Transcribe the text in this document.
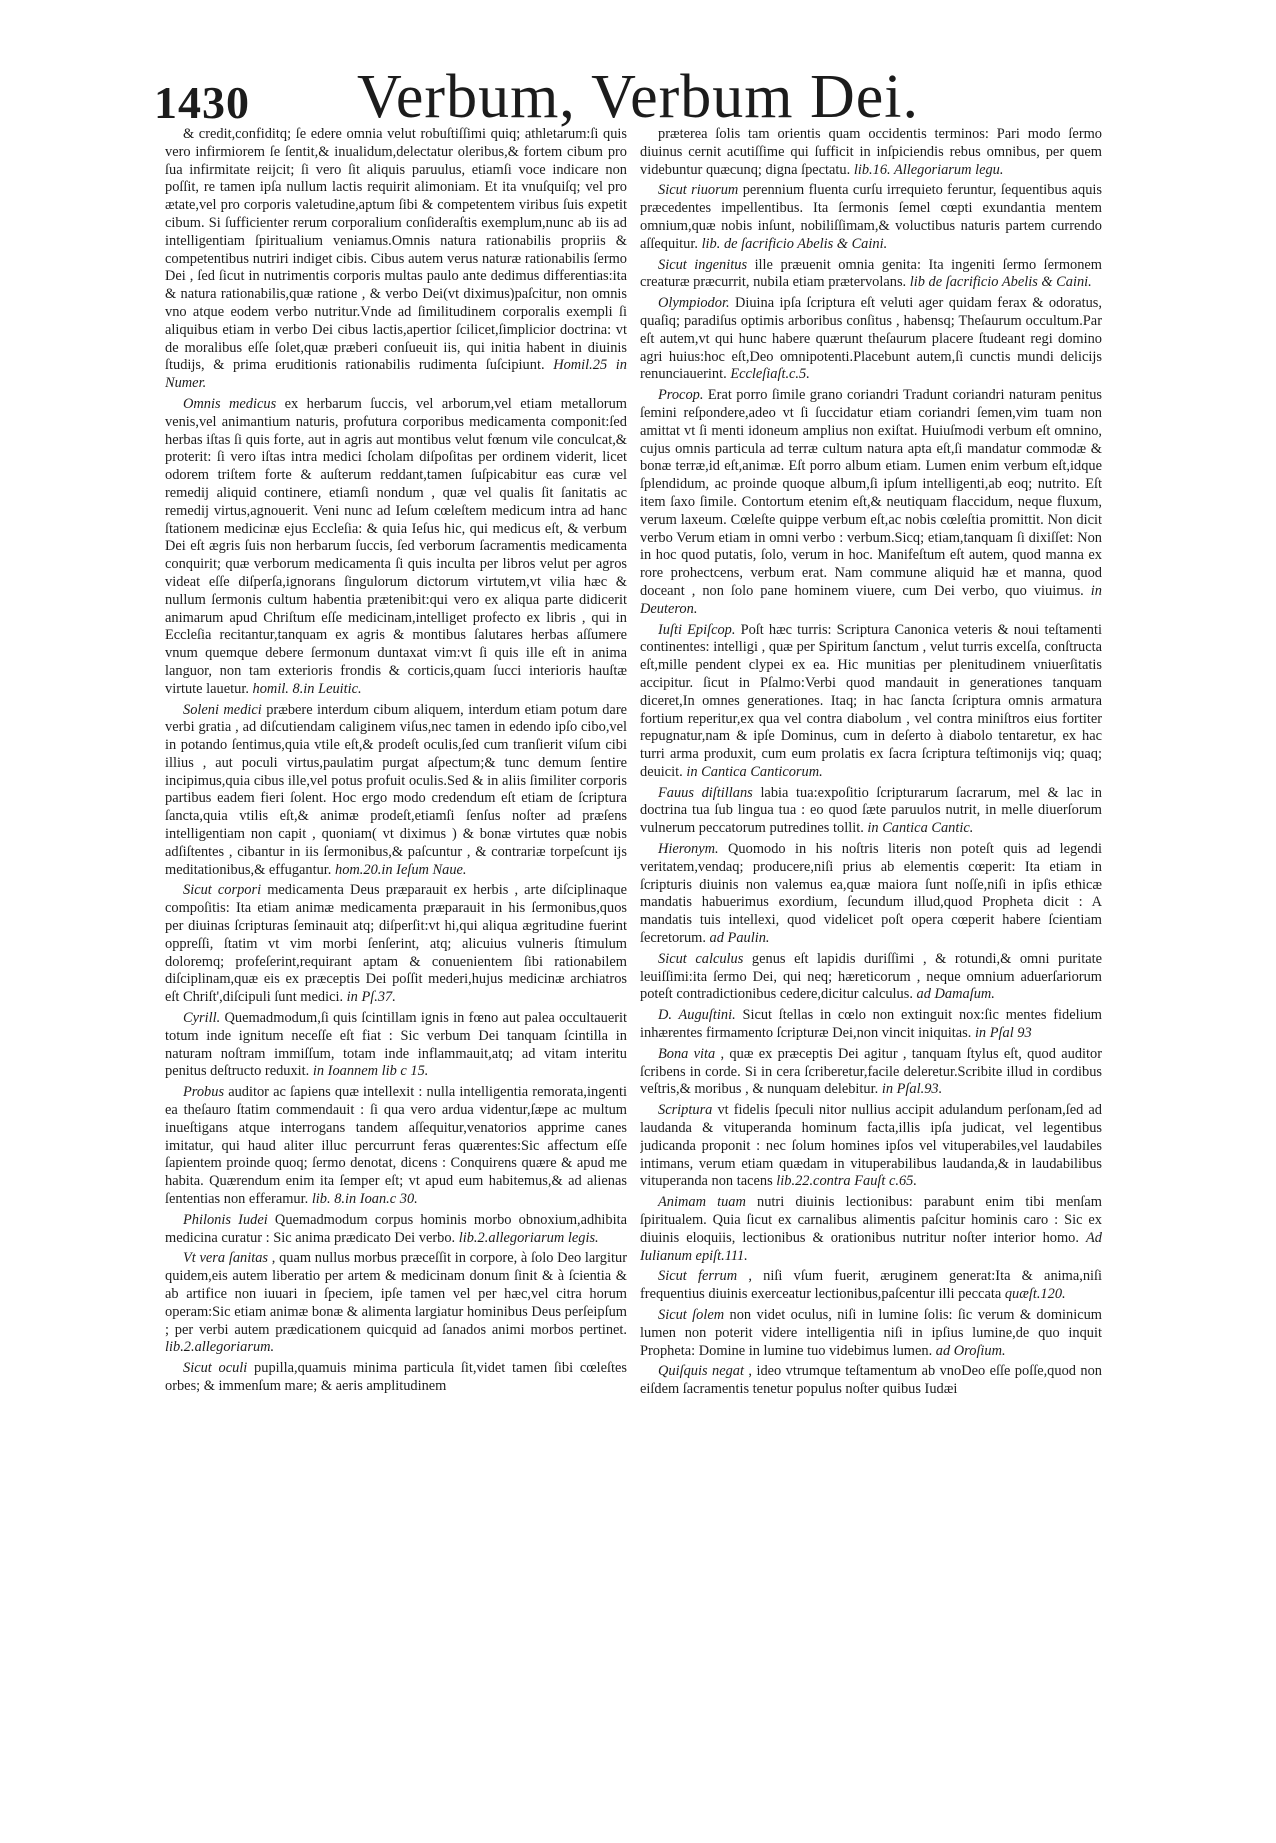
1430	Verbum, Verbum Dei.

& credit,confiditq; ſe edere omnia velut robuſtiſſimi quiq; athletarum:ſi quis vero infirmiorem ſe ſentit,& inualidum,delectatur oleribus,& fortem cibum pro ſua infirmitate reijcit; ſi vero ſit aliquis paruulus, etiamſi voce indicare non poſſit, re tamen ipſa nullum lactis requirit alimoniam. Et ita vnuſquiſq; vel pro ætate,vel pro corporis valetudine,aptum ſibi & competentem viribus ſuis expetit cibum. Si ſufficienter rerum corporalium conſideraſtis exemplum,nunc ab iis ad intelligentiam ſpiritualium veniamus.Omnis natura rationabilis propriis & competentibus nutriri indiget cibis. Cibus autem verus naturæ rationabilis ſermo Dei , ſed ſicut in nutrimentis corporis multas paulo ante dedimus differentias:ita & natura rationabilis,quæ ratione , & verbo Dei(vt diximus)paſcitur, non omnis vno atque eodem verbo nutritur.Vnde ad ſimilitudinem corporalis exempli ſi aliquibus etiam in verbo Dei cibus lactis,apertior ſcilicet,ſimplicior doctrina: vt de moralibus eſſe ſolet,quæ præberi conſueuit iis, qui initia habent in diuinis ſtudijs, & prima eruditionis rationabilis rudimenta ſuſcipiunt. Homil.25 in Numer.

Omnis medicus ex herbarum ſuccis, vel arborum,vel etiam metallorum venis,vel animantium naturis, profutura corporibus medicamenta componit:ſed herbas iſtas ſi quis forte, aut in agris aut montibus velut fœnum vile conculcat,& proterit: ſi vero iſtas intra medici ſcholam diſpoſitas per ordinem viderit, licet odorem triſtem forte & auſterum reddant,tamen ſuſpicabitur eas curæ vel remedij aliquid continere, etiamſi nondum , quæ vel qualis ſit ſanitatis ac remedij virtus,agnouerit. Veni nunc ad Ieſum cœleſtem medicum intra ad hanc ſtationem medicinæ ejus Eccleſia: & quia Ieſus hic, qui medicus eſt, & verbum Dei eſt ægris ſuis non herbarum ſuccis, ſed verborum ſacramentis medicamenta conquirit; quæ verborum medicamenta ſi quis inculta per libros velut per agros videat eſſe diſperſa,ignorans ſingulorum dictorum virtutem,vt vilia hæc & nullum ſermonis cultum habentia prætenibit:qui vero ex aliqua parte didicerit animarum apud Chriſtum eſſe medicinam,intelliget profecto ex libris , qui in Eccleſia recitantur,tanquam ex agris & montibus ſalutares herbas aſſumere vnum quemque debere ſermonum duntaxat vim:vt ſi quis ille eſt in anima languor, non tam exterioris frondis & corticis,quam ſucci interioris hauſtæ virtute lauetur. homil. 8.in Leuitic.

Soleni medici præbere interdum cibum aliquem, interdum etiam potum dare verbi gratia , ad diſcutiendam caliginem viſus,nec tamen in edendo ipſo cibo,vel in potando ſentimus,quia vtile eſt,& prodeſt oculis,ſed cum tranſierit viſum cibi illius , aut poculi virtus,paulatim purgat aſpectum;& tunc demum ſentire incipimus,quia cibus ille,vel potus profuit oculis.Sed & in aliis ſimiliter corporis partibus eadem fieri ſolent. Hoc ergo modo credendum eſt etiam de ſcriptura ſancta,quia vtilis eſt,& animæ prodeſt,etiamſi ſenſus noſter ad præſens intelligentiam non capit , quoniam( vt diximus ) & bonæ virtutes quæ nobis adſiſtentes , cibantur in iis ſermonibus,& paſcuntur , & contrariæ torpeſcunt ijs meditationibus,& effugantur. hom.20.in Ieſum Naue.

Sicut corpori medicamenta Deus præparauit ex herbis , arte diſciplinaque compoſitis: Ita etiam animæ medicamenta præparauit in his ſermonibus,quos per diuinas ſcripturas ſeminauit atq; diſperſit:vt hi,qui aliqua ægritudine fuerint oppreſſi, ſtatim vt vim morbi ſenſerint, atq; alicuius vulneris ſtimulum doloremq; profeſerint,requirant aptam & conuenientem ſibi rationabilem diſciplinam,quæ eis ex præceptis Dei poſſit mederi,hujus medicinæ archiatros eſt Chriſt',diſcipuli ſunt medici. in Pſ.37.

Cyrill. Quemadmodum,ſi quis ſcintillam ignis in fœno aut palea occultauerit totum inde ignitum neceſſe eſt fiat : Sic verbum Dei tanquam ſcintilla in naturam noſtram immiſſum, totam inde inflammauit,atq; ad vitam interitu penitus deſtructo reduxit. in Ioannem lib c 15.

Probus auditor ac ſapiens quæ intellexit : nulla intelligentia remorata,ingenti ea theſauro ſtatim commendauit : ſi qua vero ardua videntur,ſæpe ac multum inueſtigans atque interrogans tandem aſſequitur,venatorios apprime canes imitatur, qui haud aliter illuc percurrunt feras quærentes:Sic affectum eſſe ſapientem proinde quoq; ſermo denotat, dicens : Conquirens quære & apud me habita. Quærendum enim ita ſemper eſt; vt apud eum habitemus,& ad alienas ſententias non efferamur. lib. 8.in Ioan.c 30.

Philonis Iudei Quemadmodum corpus hominis morbo obnoxium,adhibita medicina curatur : Sic anima prædicato Dei verbo. lib.2.allegoriarum legis.

Vt vera ſanitas , quam nullus morbus præceſſit in corpore, à ſolo Deo largitur quidem,eis autem liberatio per artem & medicinam donum ſinit & à ſcientia & ab artifice non iuuari in ſpeciem, ipſe tamen vel per hæc,vel citra horum operam:Sic etiam animæ bonæ & alimenta largiatur hominibus Deus perſeipſum ; per verbi autem prædicationem quicquid ad ſanados animi morbos pertinet. lib.2.allegoriarum.

Sicut oculi pupilla,quamuis minima particula ſit,videt tamen ſibi cœleſtes orbes; & immenſum mare; & aeris amplitudinem

præterea ſolis tam orientis quam occidentis terminos: Pari modo ſermo diuinus cernit acutiſſime qui ſufficit in inſpiciendis rebus omnibus, per quem videbuntur quæcunq; digna ſpectatu. lib.16. Allegoriarum legu.

Sicut riuorum perennium fluenta curſu irrequieto feruntur, ſequentibus aquis præcedentes impellentibus. Ita ſermonis ſemel cœpti exundantia mentem omnium,quæ nobis inſunt, nobiliſſimam,& voluctibus naturis partem currendo aſſequitur. lib. de ſacrificio Abelis & Caini.

Sicut ingenitus ille præuenit omnia genita: Ita ingeniti ſermo ſermonem creaturæ præcurrit, nubila etiam prætervolans. lib de ſacrificio Abelis & Caini.

Olympiodor. Diuina ipſa ſcriptura eſt veluti ager quidam ferax & odoratus, quaſiq; paradiſus optimis arboribus conſitus , habensq; Theſaurum occultum.Par eſt autem,vt qui hunc habere quærunt theſaurum placere ſtudeant regi domino agri huius:hoc eſt,Deo omnipotenti.Placebunt autem,ſi cunctis mundi delicijs renunciauerint. Eccleſiaſt.c.5.

Procop. Erat porro ſimile grano coriandri Tradunt coriandri naturam penitus ſemini reſpondere,adeo vt ſi ſuccidatur etiam coriandri ſemen,vim tuam non amittat vt ſi menti idoneum amplius non exiſtat. Huiuſmodi verbum eſt omnino, cujus omnis particula ad terræ cultum natura apta eſt,ſi mandatur commodæ & bonæ terræ,id eſt,animæ. Eſt porro album etiam. Lumen enim verbum eſt,idque ſplendidum, ac proinde quoque album,ſi ipſum intelligenti,ab eoq; nutrito. Eſt item ſaxo ſimile. Contortum etenim eſt,& neutiquam flaccidum, neque fluxum, verum laxeum. Cœleſte quippe verbum eſt,ac nobis cœleſtia promittit. Non dicit verbo Verum etiam in omni verbo : verbum.Sicq; etiam,tanquam ſi dixiſſet: Non in hoc quod putatis, ſolo, verum in hoc. Manifeſtum eſt autem, quod manna ex rore prohectcens, verbum erat. Nam commune aliquid hæ et manna, quod doceant , non ſolo pane hominem viuere, cum Dei verbo, quo viuimus. in Deuteron.

Iuſti Epiſcop. Poſt hæc turris: Scriptura Canonica veteris & noui teſtamenti continentes: intelligi , quæ per Spiritum ſanctum , velut turris excelſa, conſtructa eſt,mille pendent clypei ex ea. Hic munitias per plenitudinem vniuerſitatis accipitur. ſicut in Pſalmo:Verbi quod mandauit in generationes tanquam diceret,In omnes generationes. Itaq; in hac ſancta ſcriptura omnis armatura fortium reperitur,ex qua vel contra diabolum , vel contra miniſtros eius fortiter repugnatur,nam & ipſe Dominus, cum in deſerto à diabolo tentaretur, ex hac turri arma produxit, cum eum prolatis ex ſacra ſcriptura teſtimonijs viq; quaq; deuicit. in Cantica Canticorum.

Fauus diſtillans labia tua:expoſitio ſcripturarum ſacrarum, mel & lac in doctrina tua ſub lingua tua : eo quod ſæte paruulos nutrit, in melle diuerſorum vulnerum peccatorum putredines tollit. in Cantica Cantic.

Hieronym. Quomodo in his noſtris literis non poteſt quis ad legendi veritatem,vendaq; producere,niſi prius ab elementis cœperit: Ita etiam in ſcripturis diuinis non valemus ea,quæ maiora ſunt noſſe,niſi in ipſis ethicæ mandatis habuerimus exordium, ſecundum illud,quod Propheta dicit : A mandatis tuis intellexi, quod videlicet poſt opera cœperit habere ſcientiam ſecretorum. ad Paulin.

Sicut calculus genus eſt lapidis duriſſimi , & rotundi,& omni puritate leuiſſimi:ita ſermo Dei, qui neq; hæreticorum , neque omnium aduerſariorum poteſt contradictionibus cedere,dicitur calculus. ad Damaſum.

D. Auguſtini. Sicut ſtellas in cœlo non extinguit nox:ſic mentes fidelium inhærentes firmamento ſcripturæ Dei,non vincit iniquitas. in Pſal 93

Bona vita , quæ ex præceptis Dei agitur , tanquam ſtylus eſt, quod auditor ſcribens in corde. Si in cera ſcriberetur,facile deleretur.Scribite illud in cordibus veſtris,& moribus , & nunquam delebitur. in Pſal.93.

Scriptura vt fidelis ſpeculi nitor nullius accipit adulandum perſonam,ſed ad laudanda & vituperanda hominum facta,illis ipſa judicat, vel legentibus judicanda proponit : nec ſolum homines ipſos vel vituperabiles,vel laudabiles intimans, verum etiam quædam in vituperabilibus laudanda,& in laudabilibus vituperanda non tacens lib.22.contra Fauſt c.65.

Animam tuam nutri diuinis lectionibus: parabunt enim tibi menſam ſpiritualem. Quia ſicut ex carnalibus alimentis paſcitur hominis caro : Sic ex diuinis eloquiis, lectionibus & orationibus nutritur noſter interior homo. Ad Iulianum epiſt.111.

Sicut ferrum , niſi vſum fuerit, æruginem generat:Ita & anima,niſi frequentius diuinis exerceatur lectionibus,paſcentur illi peccata quæſt.120.

Sicut ſolem non videt oculus, niſi in lumine ſolis: ſic verum & dominicum lumen non poterit videre intelligentia niſi in ipſius lumine,de quo inquit Propheta: Domine in lumine tuo videbimus lumen. ad Oroſium.

Quiſquis negat , ideo vtrumque teſtamentum ab vnoDeo eſſe poſſe,quod non eiſdem ſacramentis tenetur populus noſter quibus Iudæi
